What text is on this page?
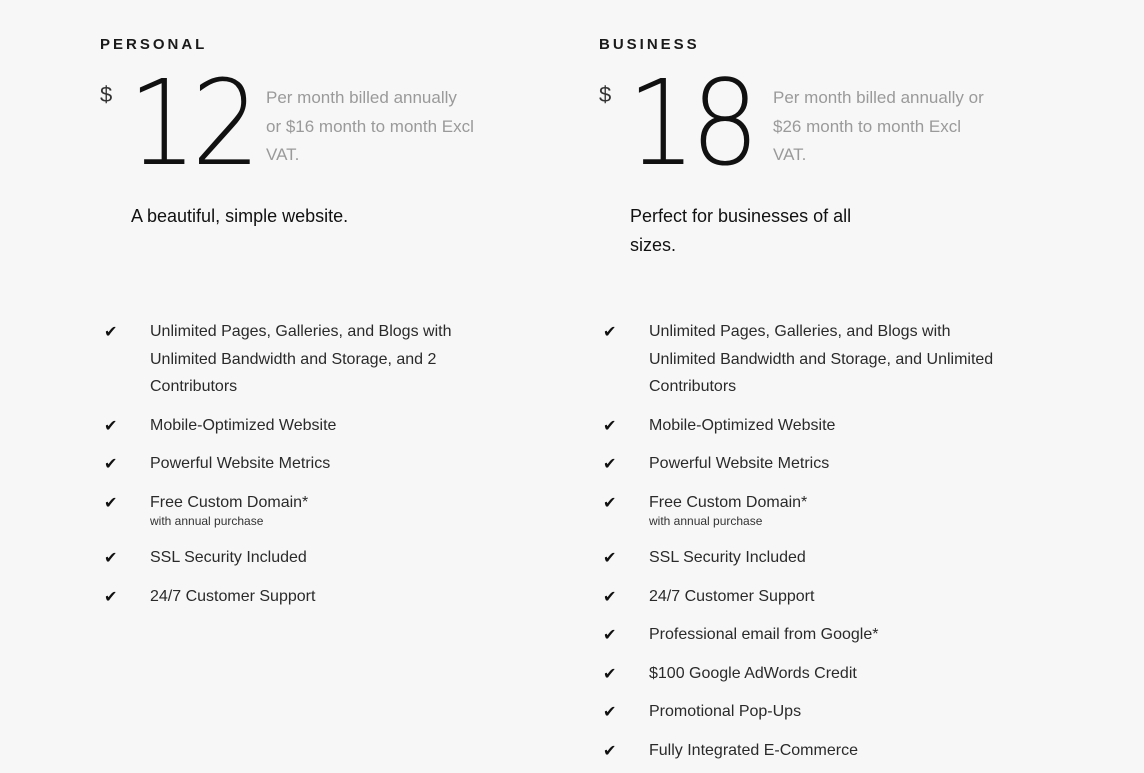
PERSONAL
$ 12 Per month billed annually or $16 month to month Excl VAT.
A beautiful, simple website.
✔ Unlimited Pages, Galleries, and Blogs with Unlimited Bandwidth and Storage, and 2 Contributors
✔ Mobile-Optimized Website
✔ Powerful Website Metrics
✔ Free Custom Domain*
with annual purchase
✔ SSL Security Included
✔ 24/7 Customer Support
BUSINESS
$ 18 Per month billed annually or $26 month to month Excl VAT.
Perfect for businesses of all sizes.
✔ Unlimited Pages, Galleries, and Blogs with Unlimited Bandwidth and Storage, and Unlimited Contributors
✔ Mobile-Optimized Website
✔ Powerful Website Metrics
✔ Free Custom Domain*
with annual purchase
✔ SSL Security Included
✔ 24/7 Customer Support
✔ Professional email from Google*
✔ $100 Google AdWords Credit
✔ Promotional Pop-Ups
✔ Fully Integrated E-Commerce
